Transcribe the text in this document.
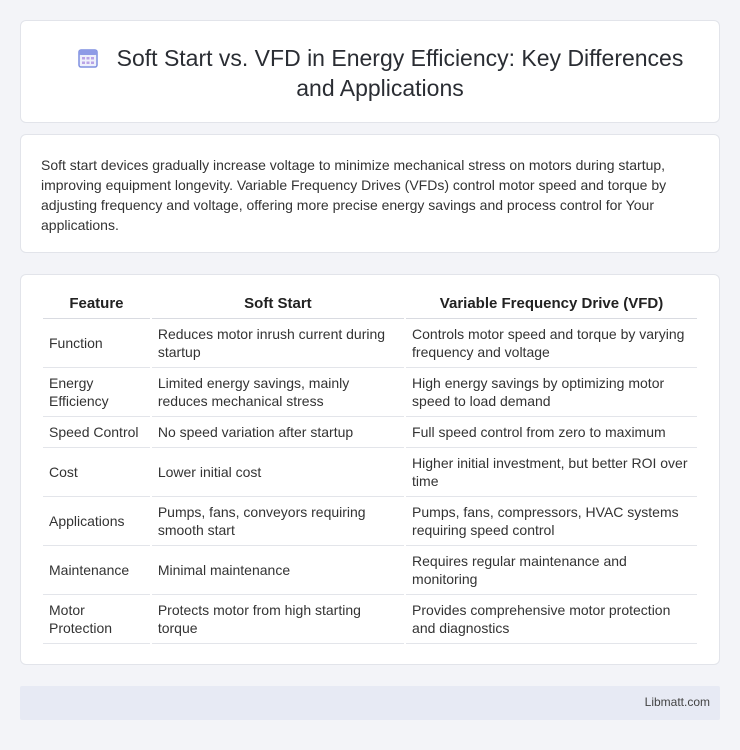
Soft Start vs. VFD in Energy Efficiency: Key Differences and Applications

Soft start devices gradually increase voltage to minimize mechanical stress on motors during startup, improving equipment longevity. Variable Frequency Drives (VFDs) control motor speed and torque by adjusting frequency and voltage, offering more precise energy savings and process control for Your applications.

Feature	Soft Start	Variable Frequency Drive (VFD)
Function	Reduces motor inrush current during startup	Controls motor speed and torque by varying frequency and voltage
Energy Efficiency	Limited energy savings, mainly reduces mechanical stress	High energy savings by optimizing motor speed to load demand
Speed Control	No speed variation after startup	Full speed control from zero to maximum
Cost	Lower initial cost	Higher initial investment, but better ROI over time
Applications	Pumps, fans, conveyors requiring smooth start	Pumps, fans, compressors, HVAC systems requiring speed control
Maintenance	Minimal maintenance	Requires regular maintenance and monitoring
Motor Protection	Protects motor from high starting torque	Provides comprehensive motor protection and diagnostics
Libmatt.com
